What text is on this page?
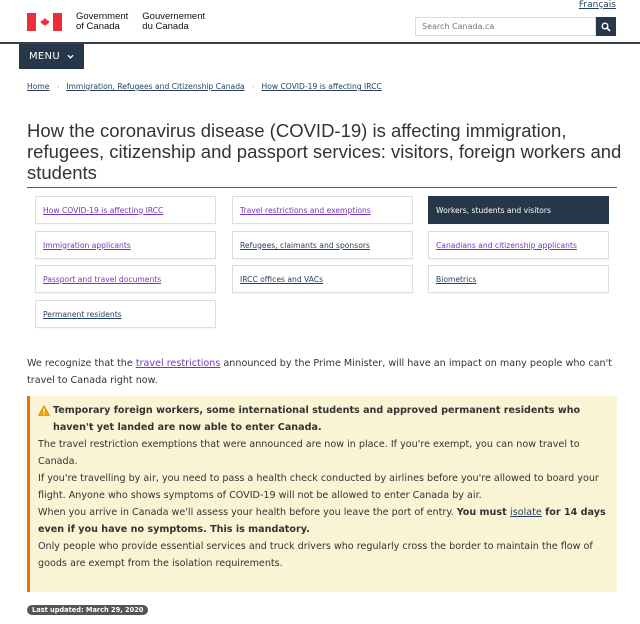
Français
Government
of Canada
Gouvernement
du Canada
Search Canada.ca
MENU
Home › Immigration, Refugees and Citizenship Canada › How COVID-19 is affecting IRCC
How the coronavirus disease (COVID-19) is affecting immigration, refugees, citizenship and passport services: visitors, foreign workers and students
How COVID-19 is affecting IRCC	Travel restrictions and exemptions	Workers, students and visitors
Immigration applicants	Refugees, claimants and sponsors	Canadians and citizenship applicants
Passport and travel documents	IRCC offices and VACs	Biometrics
Permanent residents

We recognize that the travel restrictions announced by the Prime Minister, will have an impact on many people who can't travel to Canada right now.

Temporary foreign workers, some international students and approved permanent residents who haven't yet landed are now able to enter Canada.

The travel restriction exemptions that were announced are now in place. If you're exempt, you can now travel to Canada.

If you're travelling by air, you need to pass a health check conducted by airlines before you're allowed to board your flight. Anyone who shows symptoms of COVID-19 will not be allowed to enter Canada by air.

When you arrive in Canada we'll assess your health before you leave the port of entry. You must isolate for 14 days even if you have no symptoms. This is mandatory.

Only people who provide essential services and truck drivers who regularly cross the border to maintain the flow of goods are exempt from the isolation requirements.

Last updated: March 29, 2020
